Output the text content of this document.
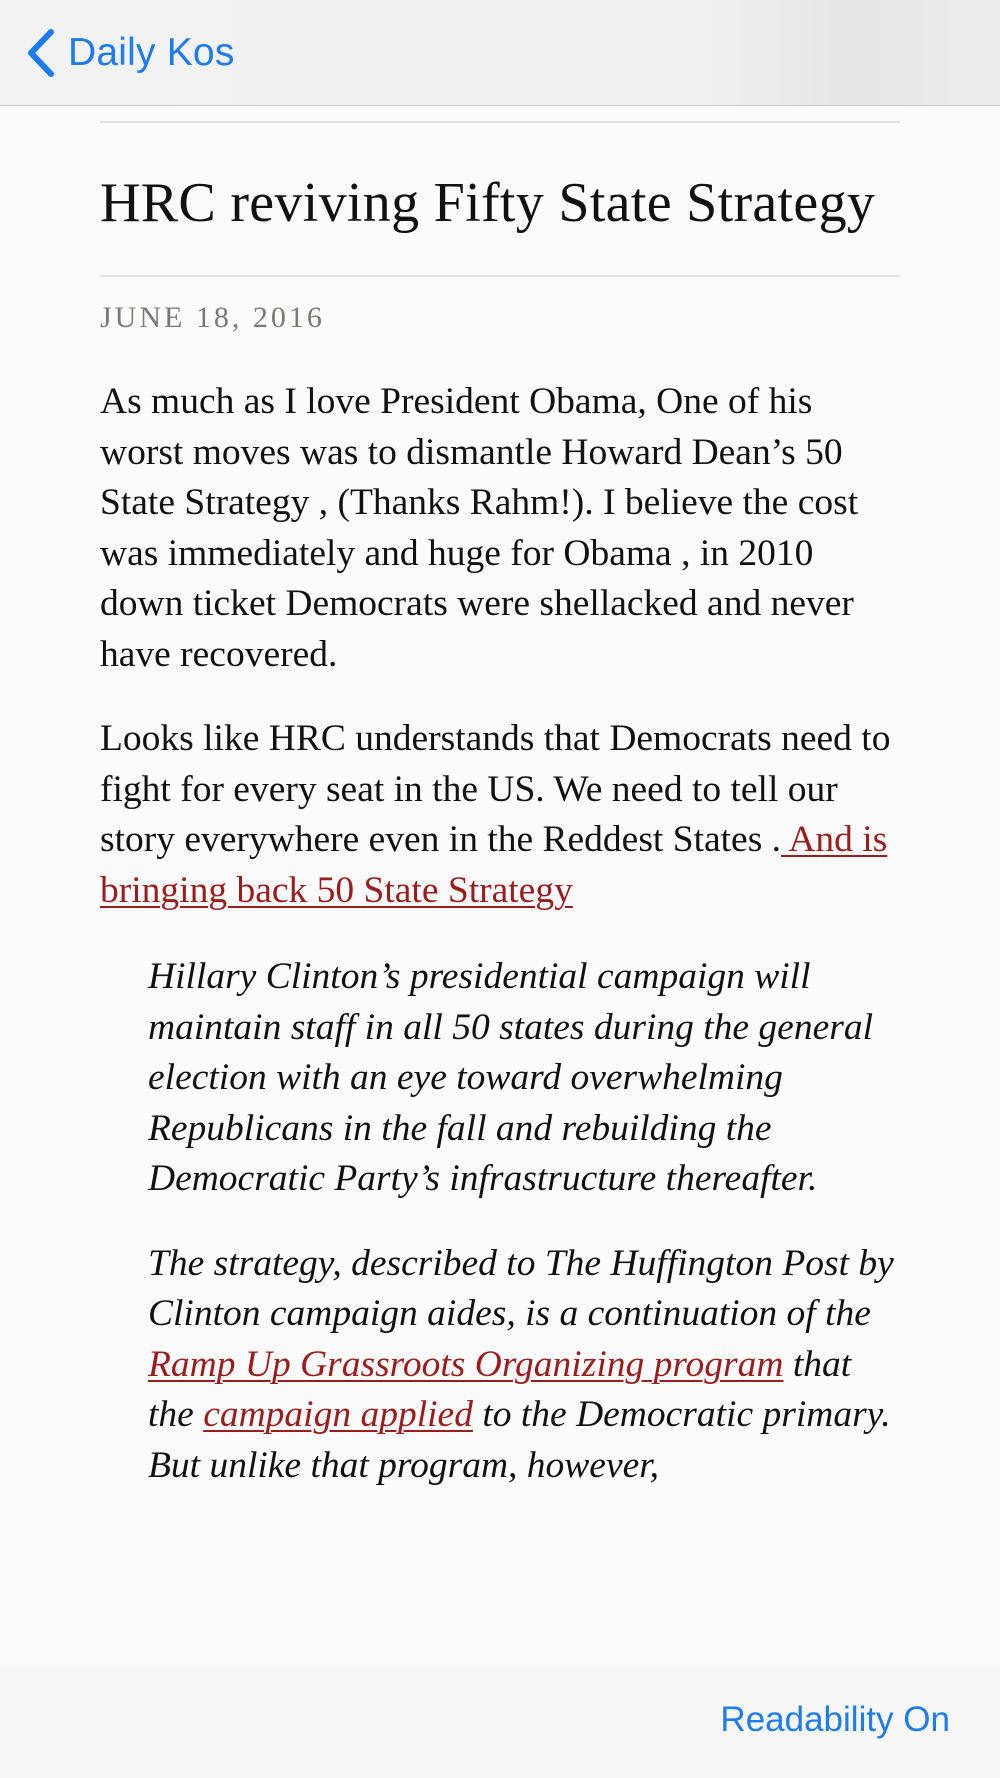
Daily Kos
HRC reviving Fifty State Strategy
JUNE 18, 2016

As much as I love President Obama, One of his worst moves was to dismantle Howard Dean’s 50 State Strategy , (Thanks Rahm!). I believe the cost was immediately and huge for Obama , in 2010 down ticket Democrats were shellacked and never have recovered.

Looks like HRC understands that Democrats need to fight for every seat in the US. We need to tell our story everywhere even in the Reddest States . And is bringing back 50 State Strategy

Hillary Clinton’s presidential campaign will maintain staff in all 50 states during the general election with an eye toward overwhelming Republicans in the fall and rebuilding the Democratic Party’s infrastructure thereafter.

The strategy, described to The Huffington Post by Clinton campaign aides, is a continuation of the Ramp Up Grassroots Organizing program that the campaign applied to the Democratic primary. But unlike that program, however,

Readability On
